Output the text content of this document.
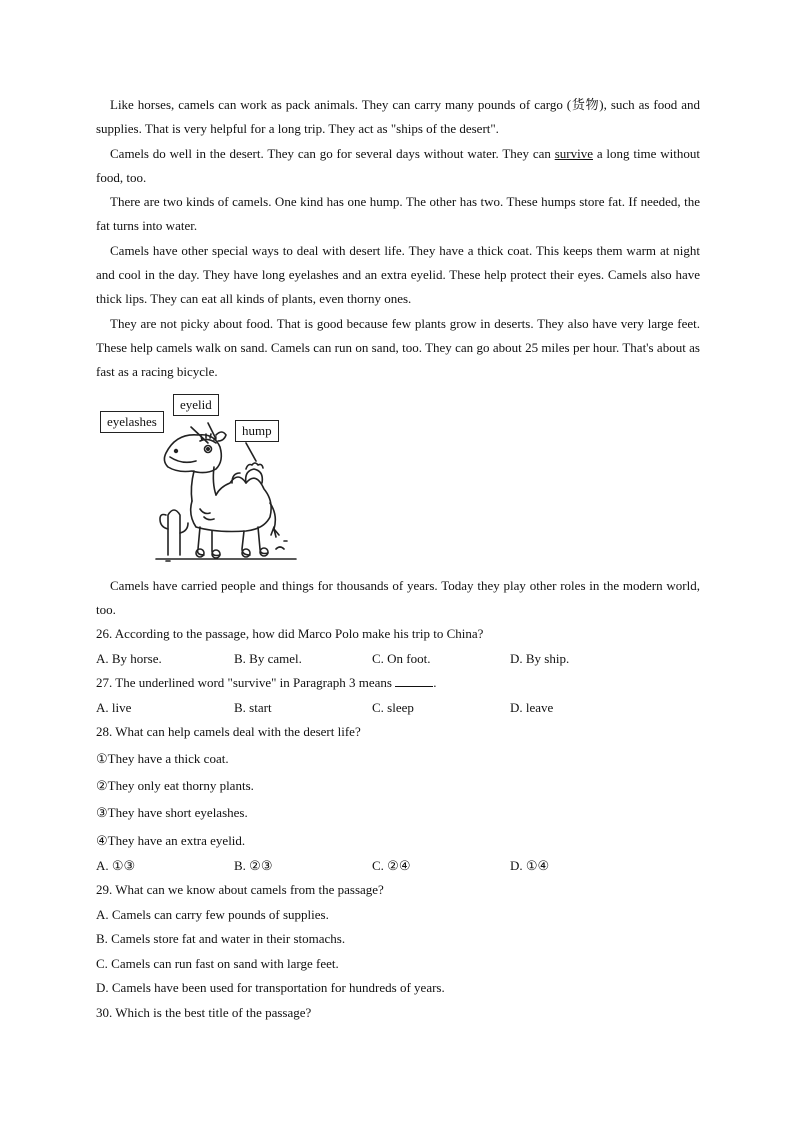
Like horses, camels can work as pack animals. They can carry many pounds of cargo (货物), such as food and supplies. That is very helpful for a long trip. They act as "ships of the desert".

Camels do well in the desert. They can go for several days without water. They can survive a long time without food, too.

There are two kinds of camels. One kind has one hump. The other has two. These humps store fat. If needed, the fat turns into water.

Camels have other special ways to deal with desert life. They have a thick coat. This keeps them warm at night and cool in the day. They have long eyelashes and an extra eyelid. These help protect their eyes. Camels also have thick lips. They can eat all kinds of plants, even thorny ones.

They are not picky about food. That is good because few plants grow in deserts. They also have very large feet. These help camels walk on sand. Camels can run on sand, too. They can go about 25 miles per hour. That's about as fast as a racing bicycle.

eyelashes
eyelid
hump

Camels have carried people and things for thousands of years. Today they play other roles in the modern world, too.

26. According to the passage, how did Marco Polo make his trip to China?

A. By horse.	B. By camel.	C. On foot.	D. By ship.

27. The underlined word "survive" in Paragraph 3 means	.

A. live	B. start	C. sleep	D. leave

28. What can help camels deal with the desert life?

①They have a thick coat.

②They only eat thorny plants.

③They have short eyelashes.

④They have an extra eyelid.

A. ①③	B. ②③	C. ②④	D. ①④

29. What can we know about camels from the passage?

A. Camels can carry few pounds of supplies.

B. Camels store fat and water in their stomachs.

C. Camels can run fast on sand with large feet.

D. Camels have been used for transportation for hundreds of years.

30. Which is the best title of the passage?
